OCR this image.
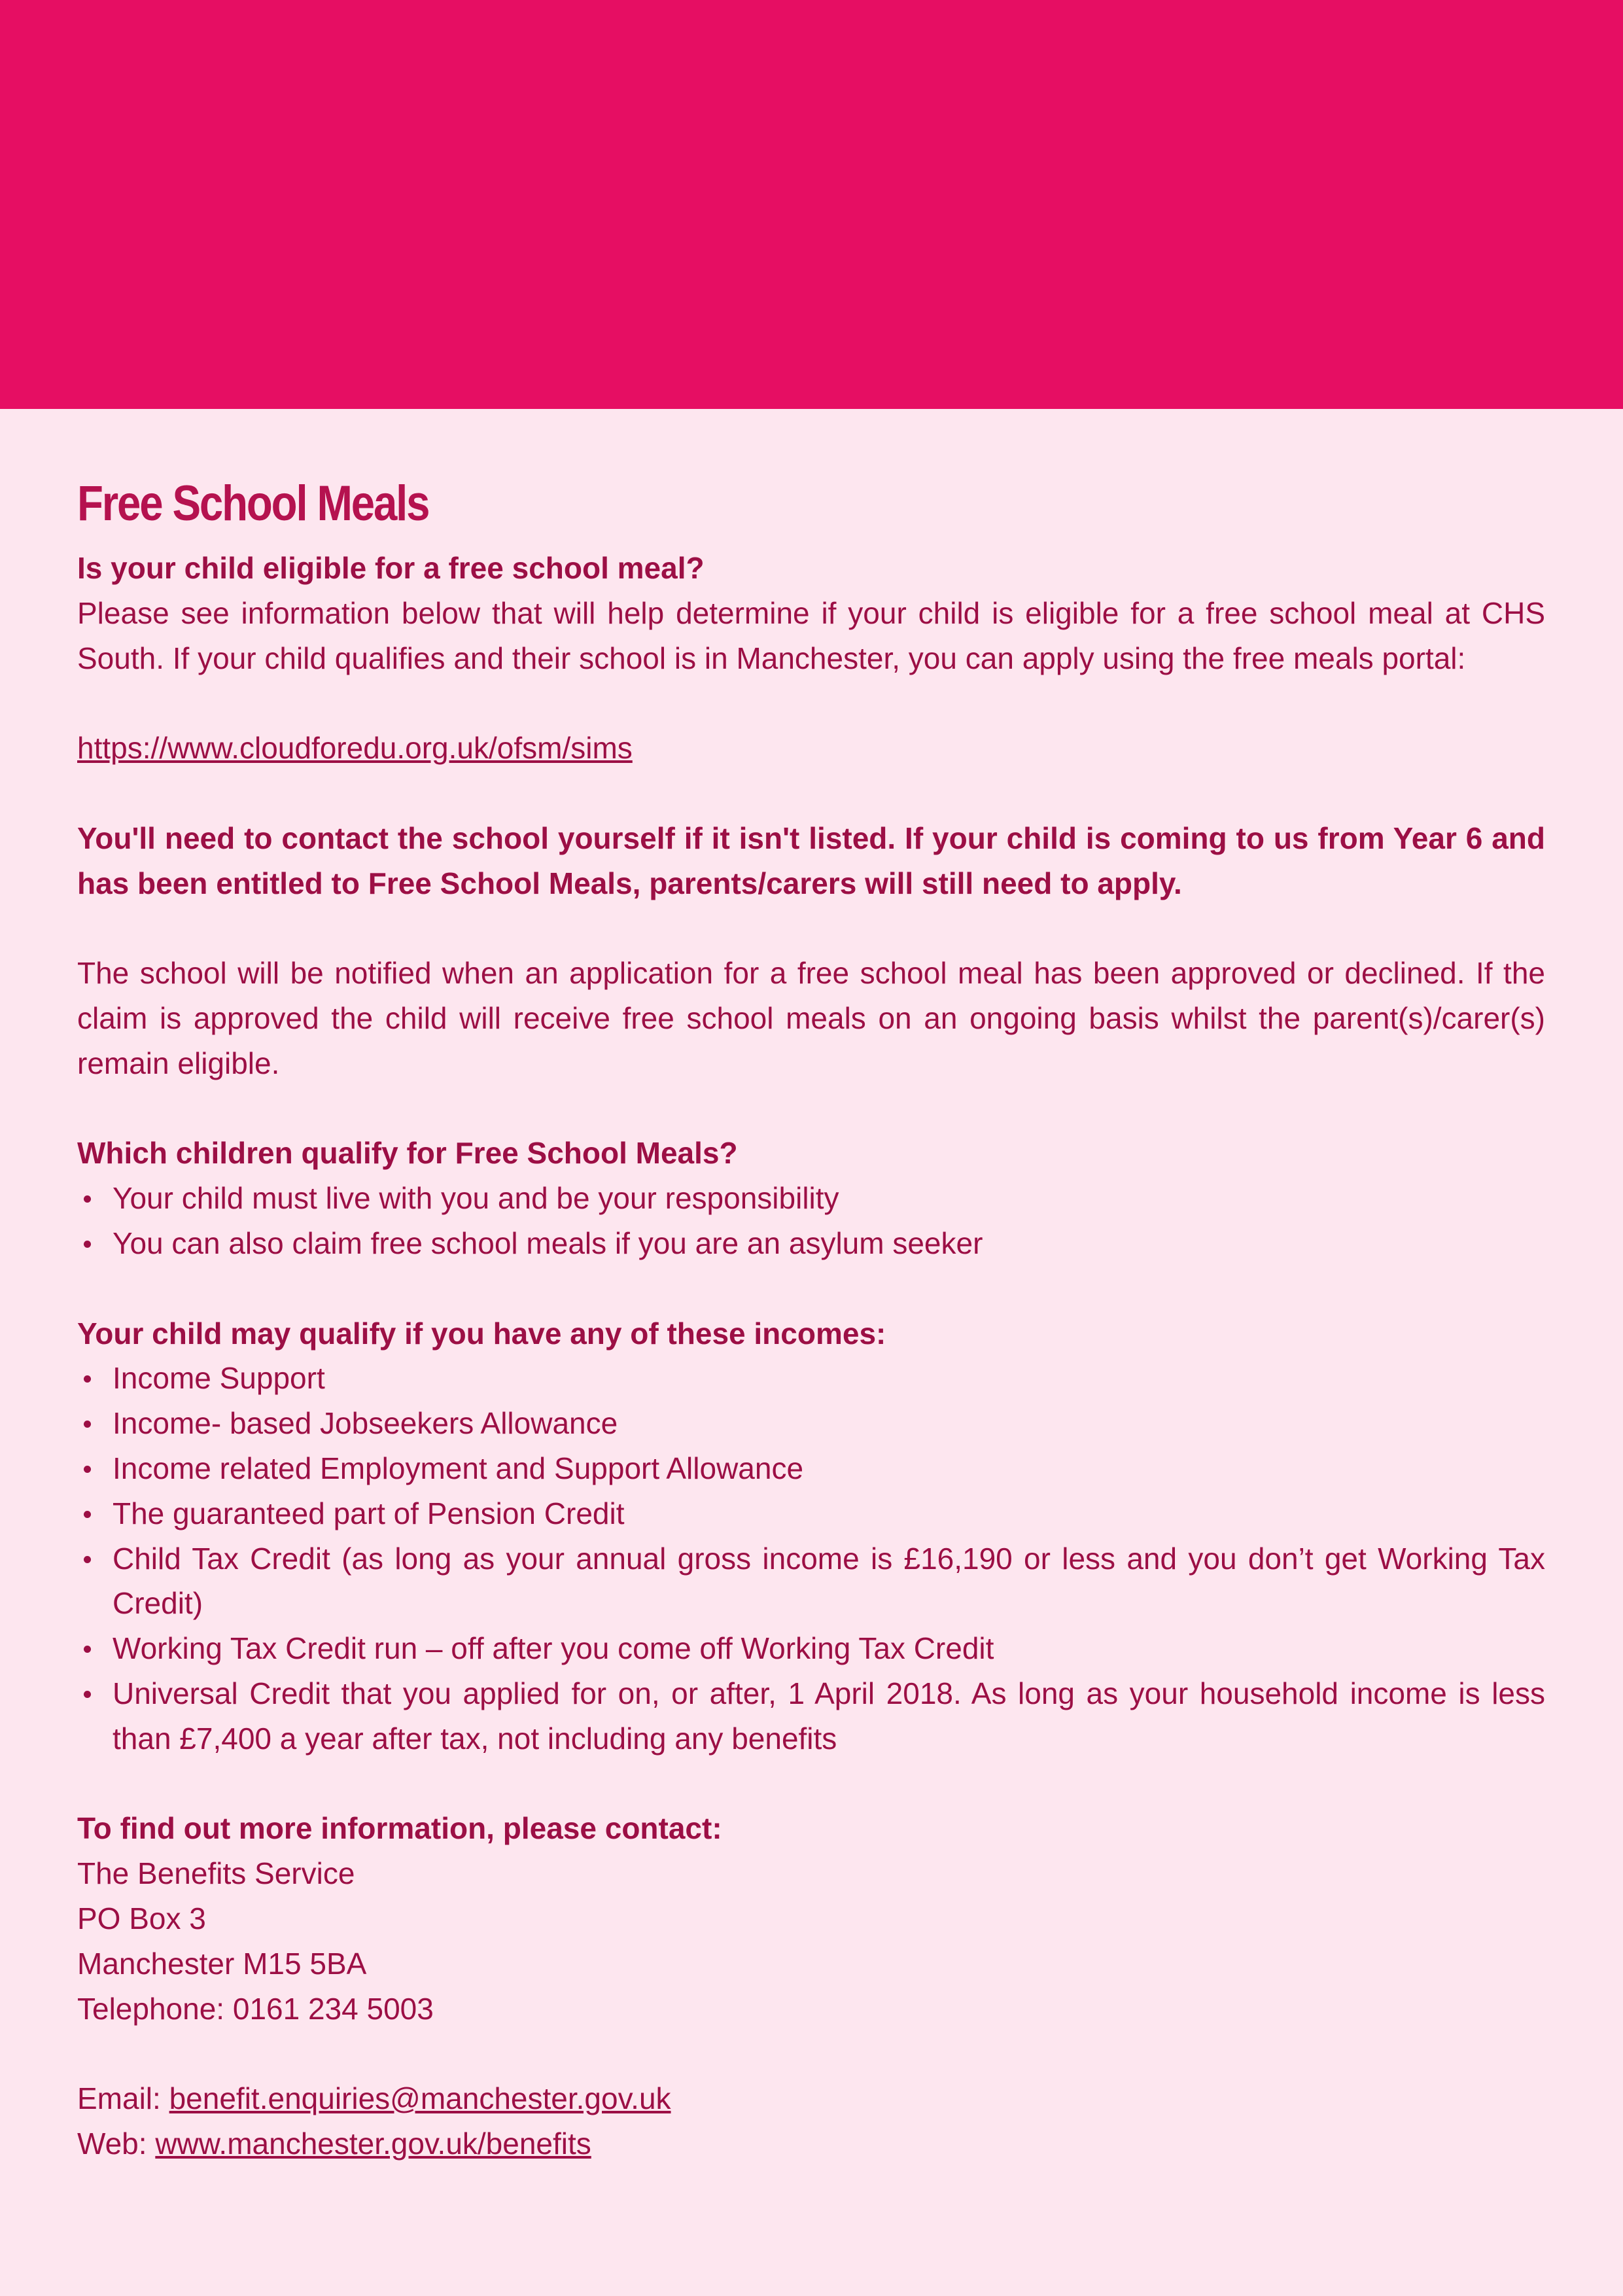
Free School Meals

Is your child eligible for a free school meal?

Please see information below that will help determine if your child is eligible for a free school meal at CHS South. If your child qualifies and their school is in Manchester, you can apply using the free meals portal:

https://www.cloudforedu.org.uk/ofsm/sims

You'll need to contact the school yourself if it isn't listed. If your child is coming to us from Year 6 and has been entitled to Free School Meals, parents/carers will still need to apply.

The school will be notified when an application for a free school meal has been approved or declined. If the claim is approved the child will receive free school meals on an ongoing basis whilst the parent(s)/carer(s) remain eligible.

Which children qualify for Free School Meals?

Your child must live with you and be your responsibility
You can also claim free school meals if you are an asylum seeker

Your child may qualify if you have any of these incomes:

Income Support
Income- based Jobseekers Allowance
Income related Employment and Support Allowance
The guaranteed part of Pension Credit
Child Tax Credit (as long as your annual gross income is £16,190 or less and you don’t get Working Tax Credit)
Working Tax Credit run – off after you come off Working Tax Credit
Universal Credit that you applied for on, or after, 1 April 2018. As long as your household income is less than £7,400 a year after tax, not including any benefits

To find out more information, please contact:

The Benefits Service
PO Box 3
Manchester M15 5BA
Telephone: 0161 234 5003
Email: benefit.enquiries@manchester.gov.uk
Web: www.manchester.gov.uk/benefits
